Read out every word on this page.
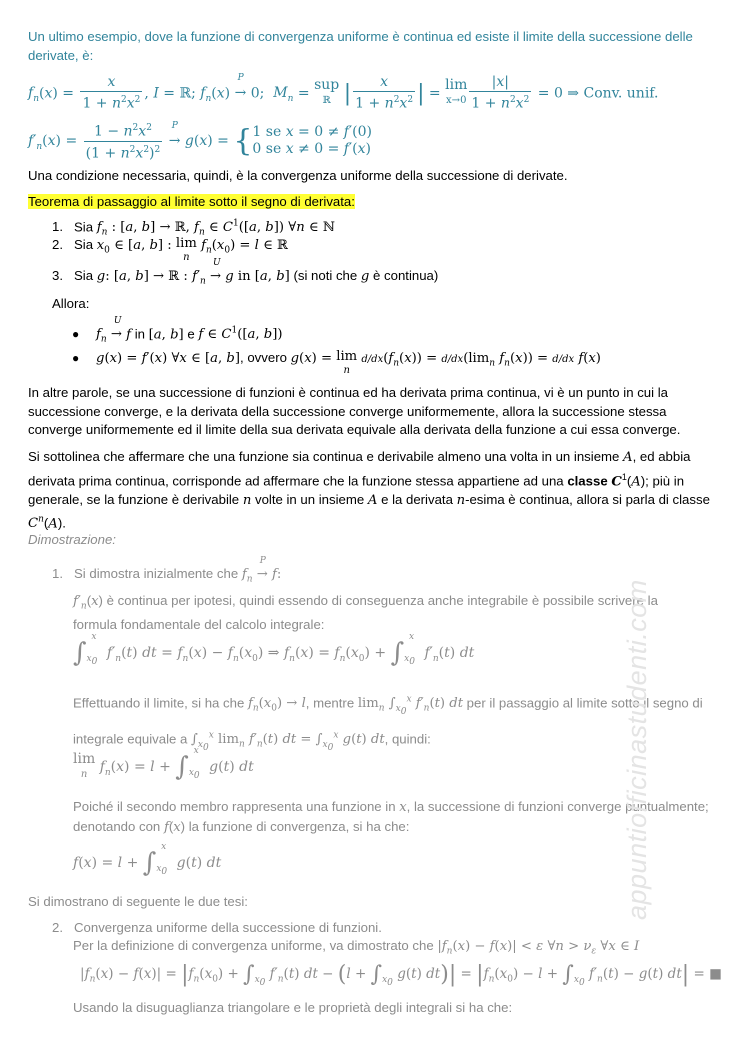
Un ultimo esempio, dove la funzione di convergenza uniforme è continua ed esiste il limite della successione delle derivate, è:
$f_n(x) = \frac{x}{1 + n^2x^2}$ , I = ℝ; $f_n(x)$ →
P
0;  $M_n$ = sup
ℝ | $\frac{x}{1 + n^2x^2}$ | = lim
$x\to 0 \frac{|x|}{1 + n^2x^2} = 0$ ⇒ Conv. unif.
$f'_n(x) = \frac{1 - n^2x^2}{(1 + n^2x^2)^2}$ →
P
g(x) = {1 se x = 0 ≠ f′(0)
0 se x ≠ 0 = f′(x)
Una condizione necessaria, quindi, è la convergenza uniforme della successione di derivate.
Teorema di passaggio al limite sotto il segno di derivata:
1. Sia $f_n$ : [a, b] → ℝ, $f_n$ ∈ $C^1([a$, b]) ∀n ∈ ℕ
2. Sia $x_0$ ∈ [a, b] : lim
n $f_n(x_0) = l$ ∈ ℝ
3. Sia g: [a, b] → ℝ : $f'_n$ →
U
g in [a, b] (si noti che g è continua)
Allora:
● $f_n$ →
U
f in [a, b] e f ∈ $C^1([a$, b])
● g(x) = f′(x) ∀x ∈ [a, b], ovvero g(x) = lim
n $d/dx(f_n(x)) = d/dx(\lim_n$ $f_n(x)) = d/dx$ f(x)
In altre parole, se una successione di funzioni è continua ed ha derivata prima continua, vi è un punto in cui la successione converge, e la derivata della successione converge uniformemente, allora la successione stessa converge uniformemente ed il limite della sua derivata equivale alla derivata della funzione a cui essa converge.
Si sottolinea che affermare che una funzione sia continua e derivabile almeno una volta in un insieme A, ed abbia derivata prima continua, corrisponde ad affermare che la funzione stessa appartiene ad una classe $C^1(A)$; più in generale, se la funzione è derivabile n volte in un insieme A e la derivata n-esima è continua, allora si parla di classe $C^n(A)$.
Dimostrazione:
1. Si dimostra inizialmente che $f_n$ →
P
f:
$f'_n(x)$ è continua per ipotesi, quindi essendo di conseguenza anche integrabile è possibile scrivere la formula fondamentale del calcolo integrale:
$\int_{x_0}^x$ $f'_n(t)$ dt = $f_n(x) - f_n(x_0)$ ⇒ $f_n(x) = f_n(x_0) + \int_{x_0}^x$ $f'_n(t)$ dt
Effettuando il limite, si ha che $f_n(x_0) \to l$, mentre $\lim_n \int_{x_0}^x$ $f'_n(t)$ dt per il passaggio al limite sotto il segno di integrale equivale a $\int_{x_0}^x$ $\lim_n f'_n(t)$ dt = $\int_{x_0}^x$ g(t) dt, quindi:
lim
n $f_n(x) = l + \int_{x_0}^x$ g(t) dt
Poiché il secondo membro rappresenta una funzione in x, la successione di funzioni converge puntualmente; denotando con f(x) la funzione di convergenza, si ha che:
$f(x) = l + \int_{x_0}^x$ g(t) dt
Si dimostrano di seguente le due tesi:
2. Convergenza uniforme della successione di funzioni.
Per la definizione di convergenza uniforme, va dimostrato che $|f_n(x) - f(x)| < \varepsilon$ ∀n > $\nu_\varepsilon$ ∀x ∈ I
$|f_n(x) - f(x)| = |f_n(x_0) + \int_{x_0}$ $f'_n(t)$ dt − ($l + \int_{x_0}$ g(t) $dt)| = |f_n(x_0) - l + \int_{x_0}$ $f'_n(t) - g(t) dt|$ = ■
Usando la disuguaglianza triangolare e le proprietà degli integrali si ha che:
appuntiofficinastudenti.com
